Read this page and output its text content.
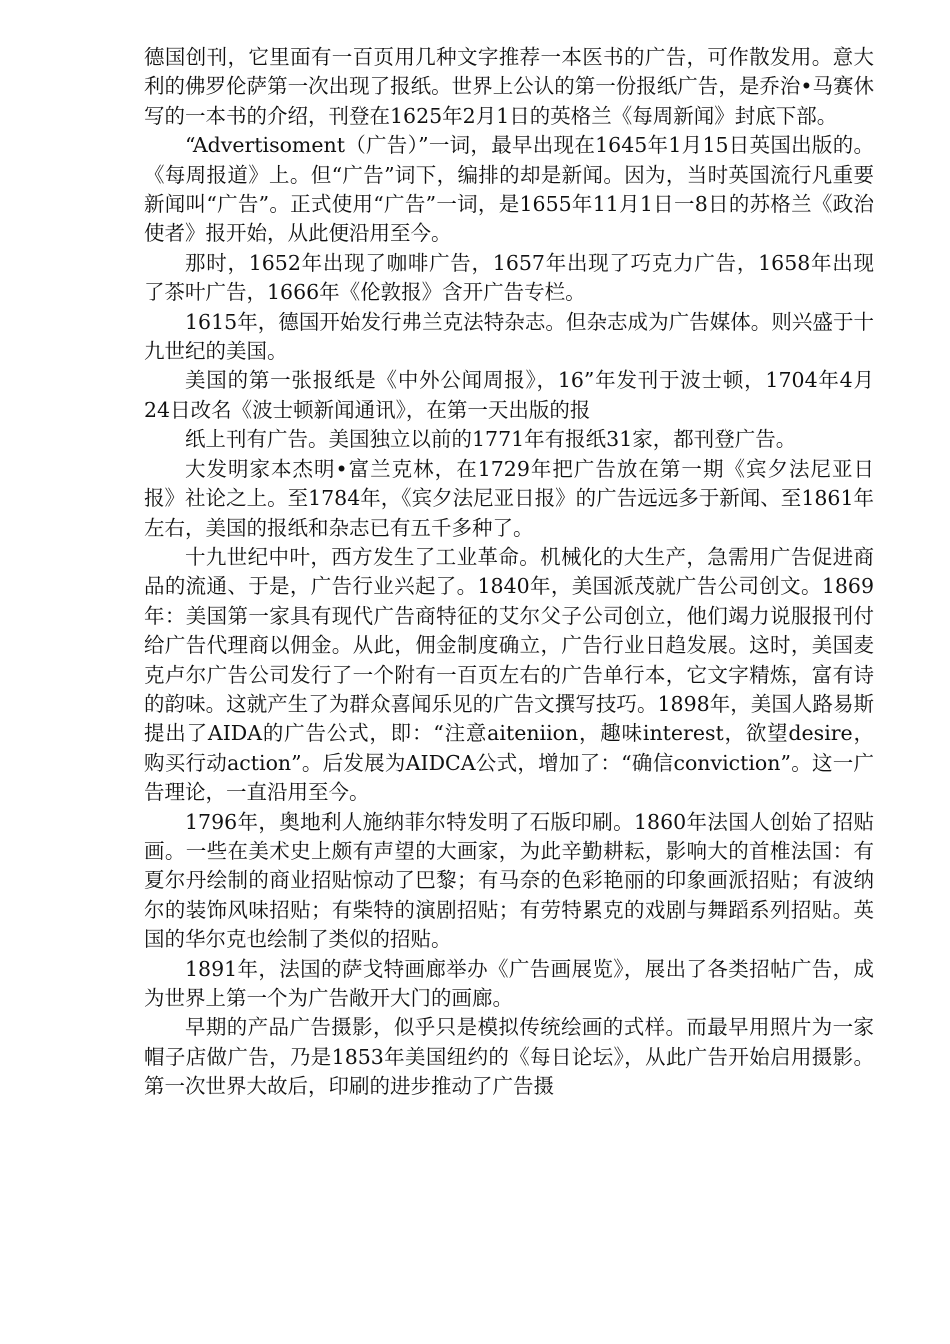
德国创刊，它里面有一百页用几种文字推荐一本医书的广告，可作散发用。意大利的佛罗伦萨第一次出现了报纸。世界上公认的第一份报纸广告，是乔治•马赛休写的一本书的介绍，刊登在1625年2月1日的英格兰《每周新闻》封底下部。

“Advertisoment（广告）”一词，最早出现在1645年1月15日英国出版的。《每周报道》上。但“广告”词下，编排的却是新闻。因为，当时英国流行凡重要新闻叫“广告”。正式使用“广告”一词，是1655年11月1日一8日的苏格兰《政治使者》报开始，从此便沿用至今。

那时，1652年出现了咖啡广告，1657年出现了巧克力广告，1658年出现了茶叶广告，1666年《伦敦报》含开广告专栏。

1615年，德国开始发行弗兰克法特杂志。但杂志成为广告媒体。则兴盛于十九世纪的美国。

美国的第一张报纸是《中外公闻周报》，16”年发刊于波士顿，1704年4月24日改名《波士顿新闻通讯》，在第一天出版的报

纸上刊有广告。美国独立以前的1771年有报纸31家，都刊登广告。

大发明家本杰明•富兰克林，在1729年把广告放在第一期《宾夕法尼亚日报》社论之上。至1784年，《宾夕法尼亚日报》的广告远远多于新闻、至1861年左右，美国的报纸和杂志已有五千多种了。

十九世纪中叶，西方发生了工业革命。机械化的大生产，急需用广告促进商品的流通、于是，广告行业兴起了。1840年，美国派茂就广告公司创文。1869年：美国第一家具有现代广告商特征的艾尔父子公司创立，他们竭力说服报刊付给广告代理商以佣金。从此，佣金制度确立，广告行业日趋发展。这时，美国麦克卢尔广告公司发行了一个附有一百页左右的广告单行本，它文字精炼，富有诗的韵味。这就产生了为群众喜闻乐见的广告文撰写技巧。1898年，美国人路易斯提出了AIDA的广告公式，即：“注意aiteniion，趣味interest，欲望desire，购买行动action”。后发展为AIDCA公式，增加了：“确信conviction”。这一广告理论，一直沿用至今。

1796年，奥地利人施纳菲尔特发明了石版印刷。1860年法国人创始了招贴画。一些在美术史上颇有声望的大画家，为此辛勤耕耘，影响大的首椎法国：有夏尔丹绘制的商业招贴惊动了巴黎；有马奈的色彩艳丽的印象画派招贴；有波纳尔的装饰风味招贴；有柴特的演剧招贴；有劳特累克的戏剧与舞蹈系列招贴。英国的华尔克也绘制了类似的招贴。

1891年，法国的萨戈特画廊举办《广告画展览》，展出了各类招帖广告，成为世界上第一个为广告敞开大门的画廊。

早期的产品广告摄影，似乎只是模拟传统绘画的式样。而最早用照片为一家帽子店做广告，乃是1853年美国纽约的《每日论坛》，从此广告开始启用摄影。第一次世界大故后，印刷的进步推动了广告摄
